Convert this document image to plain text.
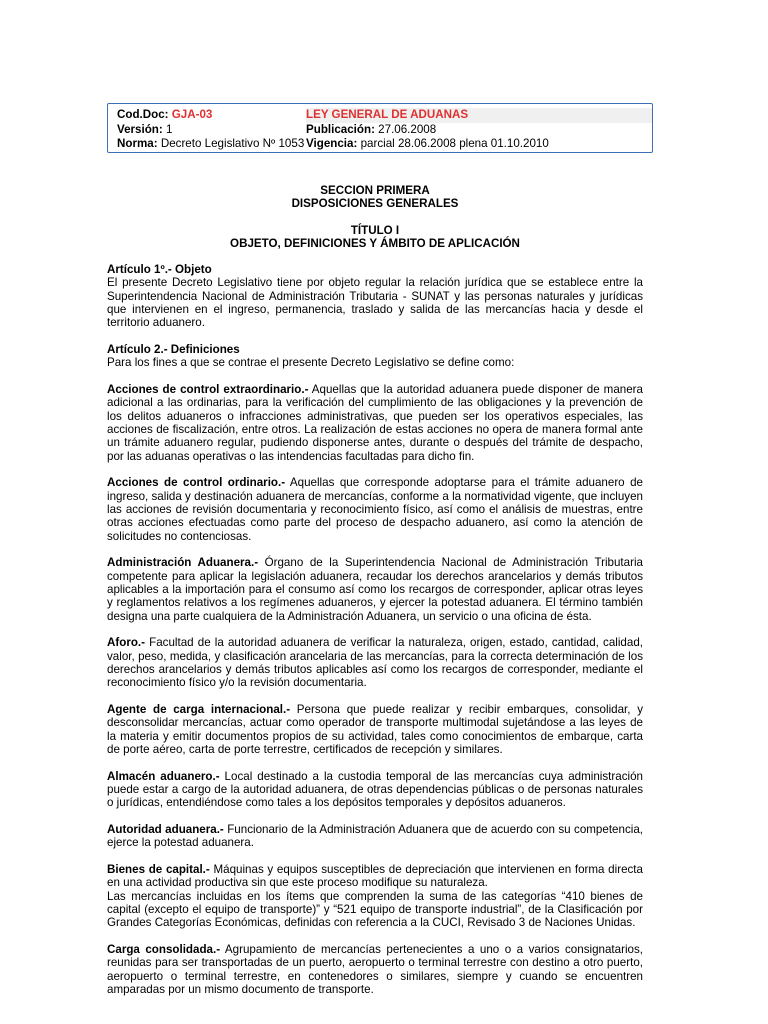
Cod.Doc: GJA-03	LEY GENERAL DE ADUANAS
Versión: 1	Publicación: 27.06.2008
Norma: Decreto Legislativo Nº 1053 Vigencia: parcial 28.06.2008 plena 01.10.2010
SECCION PRIMERA
DISPOSICIONES GENERALES
TÍTULO I
OBJETO, DEFINICIONES Y ÁMBITO DE APLICACIÓN

Artículo 1º.- Objeto

El presente Decreto Legislativo tiene por objeto regular la relación jurídica que se establece entre la Superintendencia Nacional de Administración Tributaria - SUNAT y las personas naturales y jurídicas que intervienen en el ingreso, permanencia, traslado y salida de las mercancías hacia y desde el territorio aduanero.

Artículo 2.- Definiciones

Para los fines a que se contrae el presente Decreto Legislativo se define como:

Acciones de control extraordinario.- Aquellas que la autoridad aduanera puede disponer de manera adicional a las ordinarias, para la verificación del cumplimiento de las obligaciones y la prevención de los delitos aduaneros o infracciones administrativas, que pueden ser los operativos especiales, las acciones de fiscalización, entre otros. La realización de estas acciones no opera de manera formal ante un trámite aduanero regular, pudiendo disponerse antes, durante o después del trámite de despacho, por las aduanas operativas o las intendencias facultadas para dicho fin.

Acciones de control ordinario.- Aquellas que corresponde adoptarse para el trámite aduanero de ingreso, salida y destinación aduanera de mercancías, conforme a la normatividad vigente, que incluyen las acciones de revisión documentaria y reconocimiento físico, así como el análisis de muestras, entre otras acciones efectuadas como parte del proceso de despacho aduanero, así como la atención de solicitudes no contenciosas.

Administración Aduanera.- Órgano de la Superintendencia Nacional de Administración Tributaria competente para aplicar la legislación aduanera, recaudar los derechos arancelarios y demás tributos aplicables a la importación para el consumo así como los recargos de corresponder, aplicar otras leyes y reglamentos relativos a los regímenes aduaneros, y ejercer la potestad aduanera. El término también designa una parte cualquiera de la Administración Aduanera, un servicio o una oficina de ésta.

Aforo.- Facultad de la autoridad aduanera de verificar la naturaleza, origen, estado, cantidad, calidad, valor, peso, medida, y clasificación arancelaria de las mercancías, para la correcta determinación de los derechos arancelarios y demás tributos aplicables así como los recargos de corresponder, mediante el reconocimiento físico y/o la revisión documentaria.

Agente de carga internacional.- Persona que puede realizar y recibir embarques, consolidar, y desconsolidar mercancías, actuar como operador de transporte multimodal sujetándose a las leyes de la materia y emitir documentos propios de su actividad, tales como conocimientos de embarque, carta de porte aéreo, carta de porte terrestre, certificados de recepción y similares.

Almacén aduanero.- Local destinado a la custodia temporal de las mercancías cuya administración puede estar a cargo de la autoridad aduanera, de otras dependencias públicas o de personas naturales o jurídicas, entendiéndose como tales a los depósitos temporales y depósitos aduaneros.

Autoridad aduanera.- Funcionario de la Administración Aduanera que de acuerdo con su competencia, ejerce la potestad aduanera.

Bienes de capital.- Máquinas y equipos susceptibles de depreciación que intervienen en forma directa en una actividad productiva sin que este proceso modifique su naturaleza.

Las mercancías incluidas en los ítems que comprenden la suma de las categorías “410 bienes de capital (excepto el equipo de transporte)” y “521 equipo de transporte industrial”, de la Clasificación por Grandes Categorías Económicas, definidas con referencia a la CUCI, Revisado 3 de Naciones Unidas.

Carga consolidada.- Agrupamiento de mercancías pertenecientes a uno o a varios consignatarios, reunidas para ser transportadas de un puerto, aeropuerto o terminal terrestre con destino a otro puerto, aeropuerto o terminal terrestre, en contenedores o similares, siempre y cuando se encuentren amparadas por un mismo documento de transporte.
